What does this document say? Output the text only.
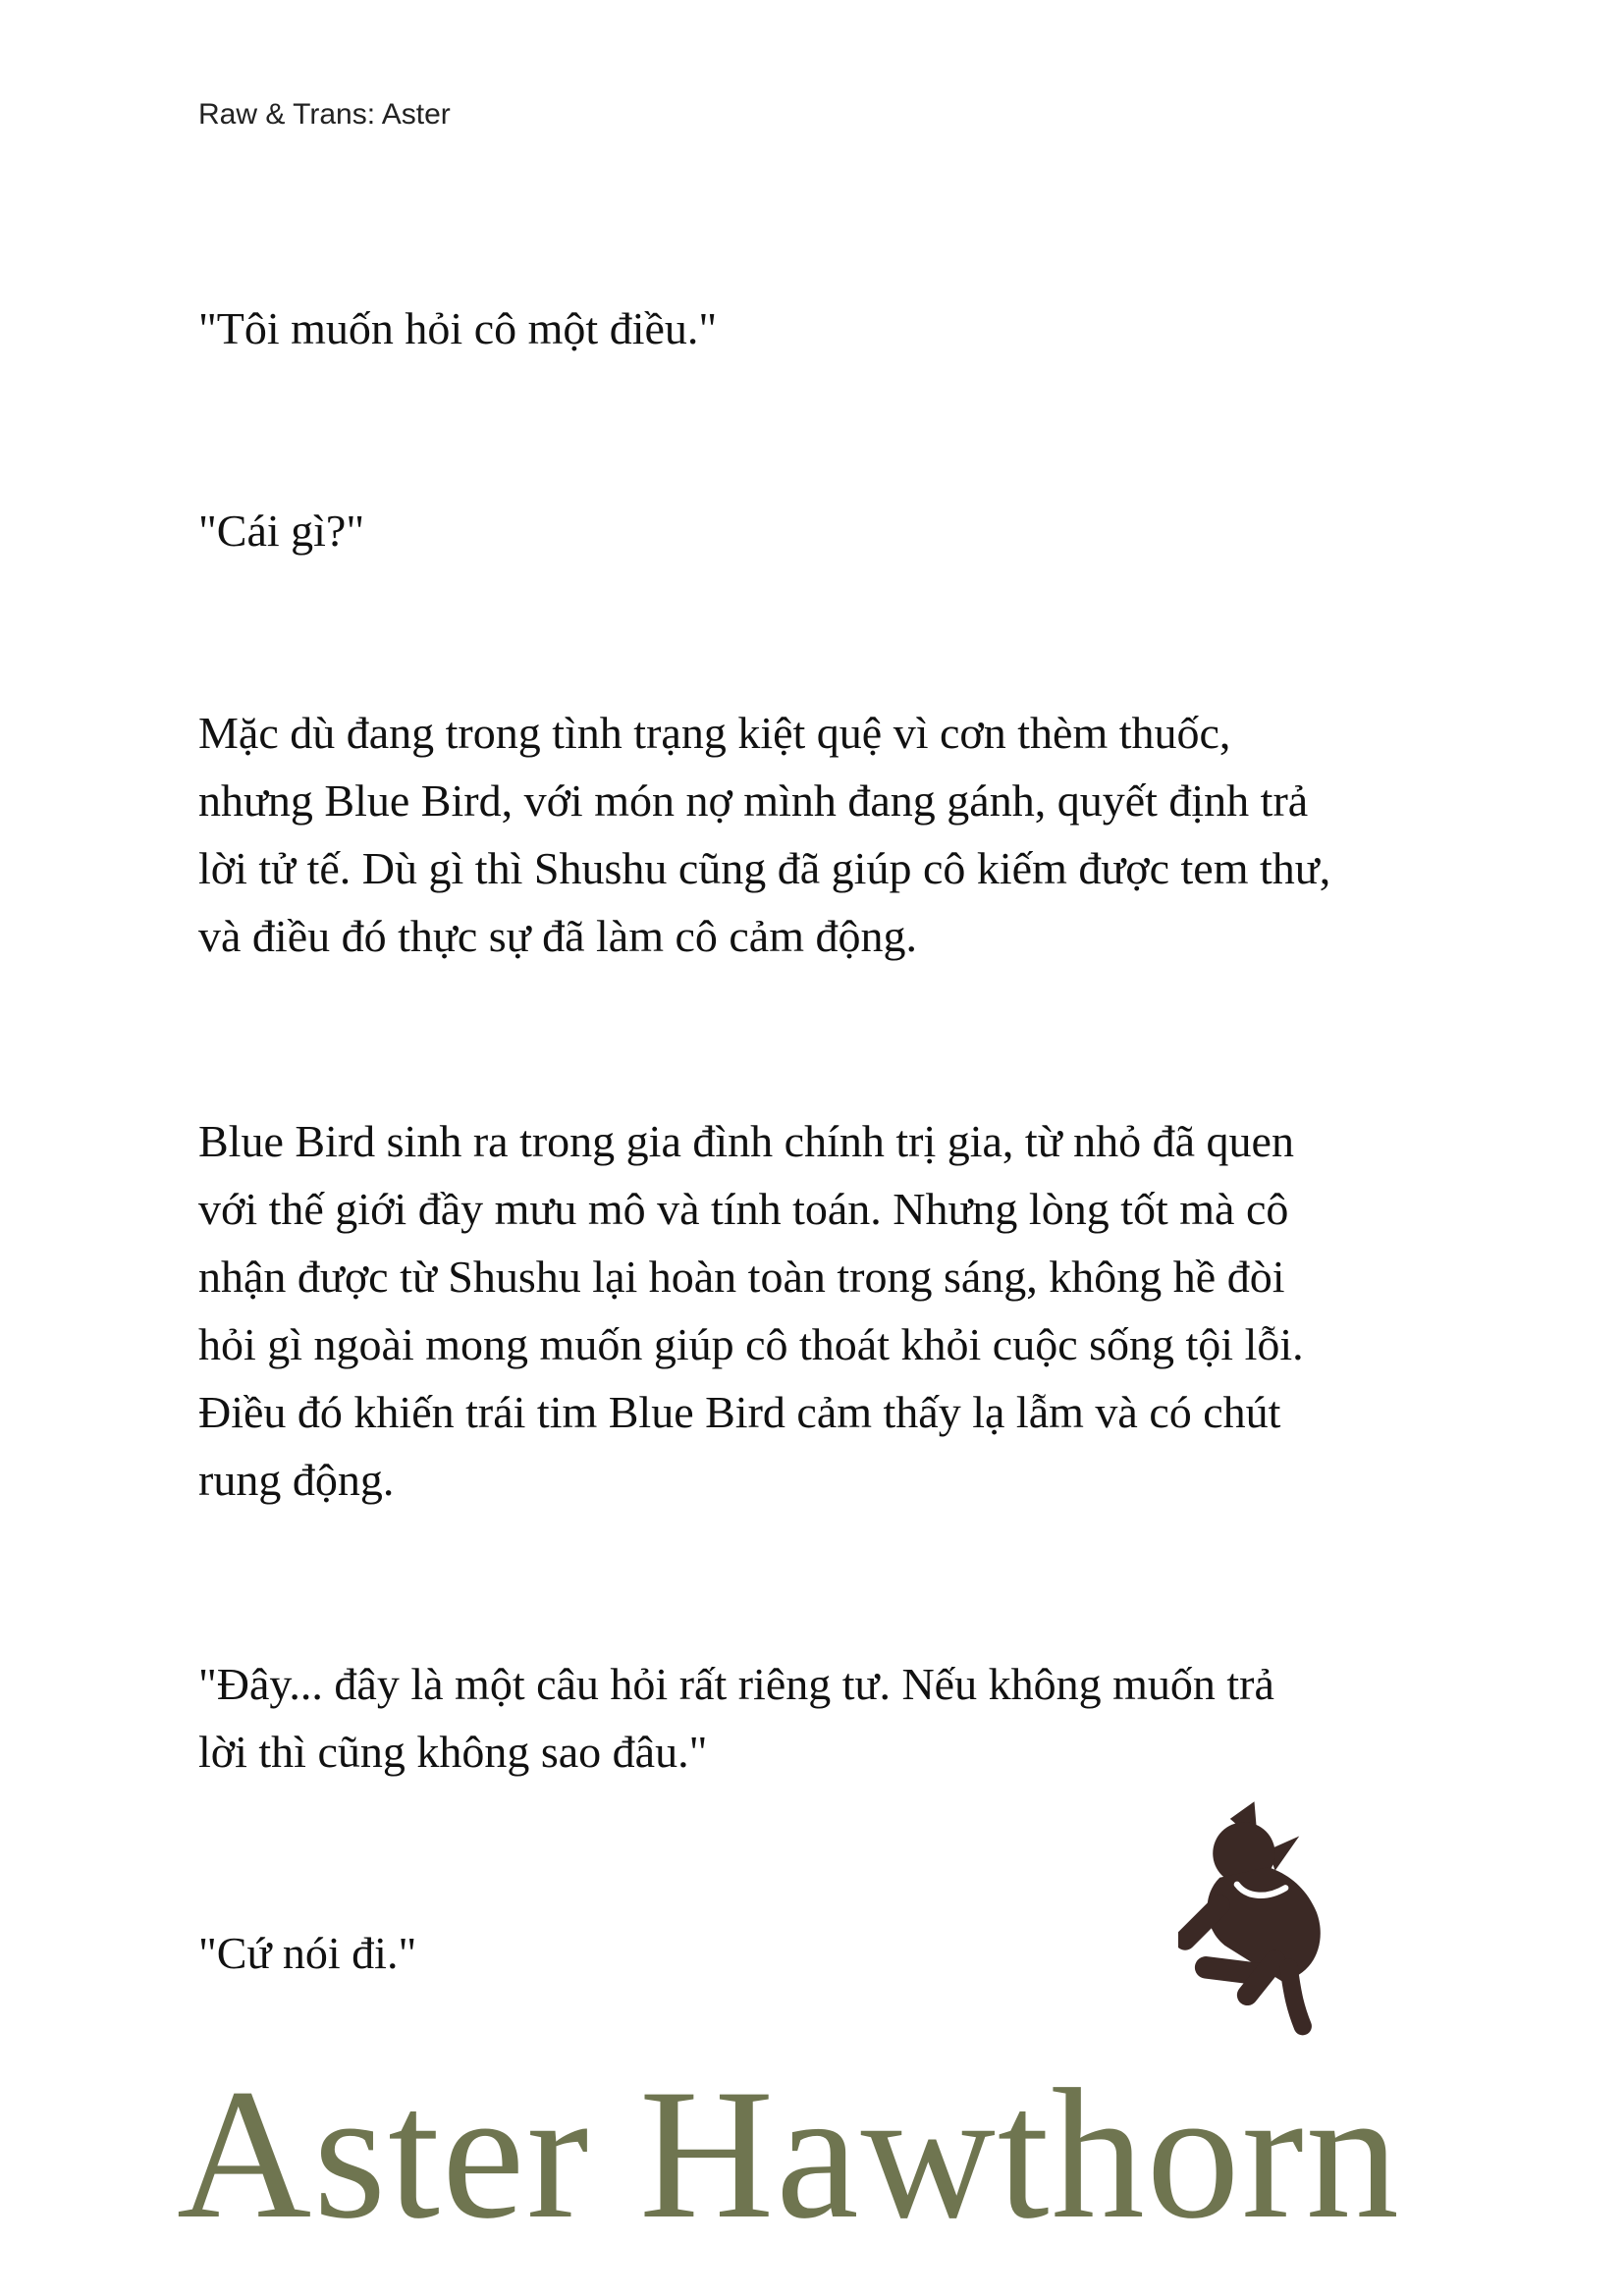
Raw & Trans: Aster
"Tôi muốn hỏi cô một điều."
"Cái gì?"
Mặc dù đang trong tình trạng kiệt quệ vì cơn thèm thuốc,
nhưng Blue Bird, với món nợ mình đang gánh, quyết định trả
lời tử tế. Dù gì thì Shushu cũng đã giúp cô kiếm được tem thư,
và điều đó thực sự đã làm cô cảm động.
Blue Bird sinh ra trong gia đình chính trị gia, từ nhỏ đã quen
với thế giới đầy mưu mô và tính toán. Nhưng lòng tốt mà cô
nhận được từ Shushu lại hoàn toàn trong sáng, không hề đòi
hỏi gì ngoài mong muốn giúp cô thoát khỏi cuộc sống tội lỗi.
Điều đó khiến trái tim Blue Bird cảm thấy lạ lẫm và có chút
rung động.
"Đây... đây là một câu hỏi rất riêng tư. Nếu không muốn trả
lời thì cũng không sao đâu."
"Cứ nói đi."
Aster Hawthorn
